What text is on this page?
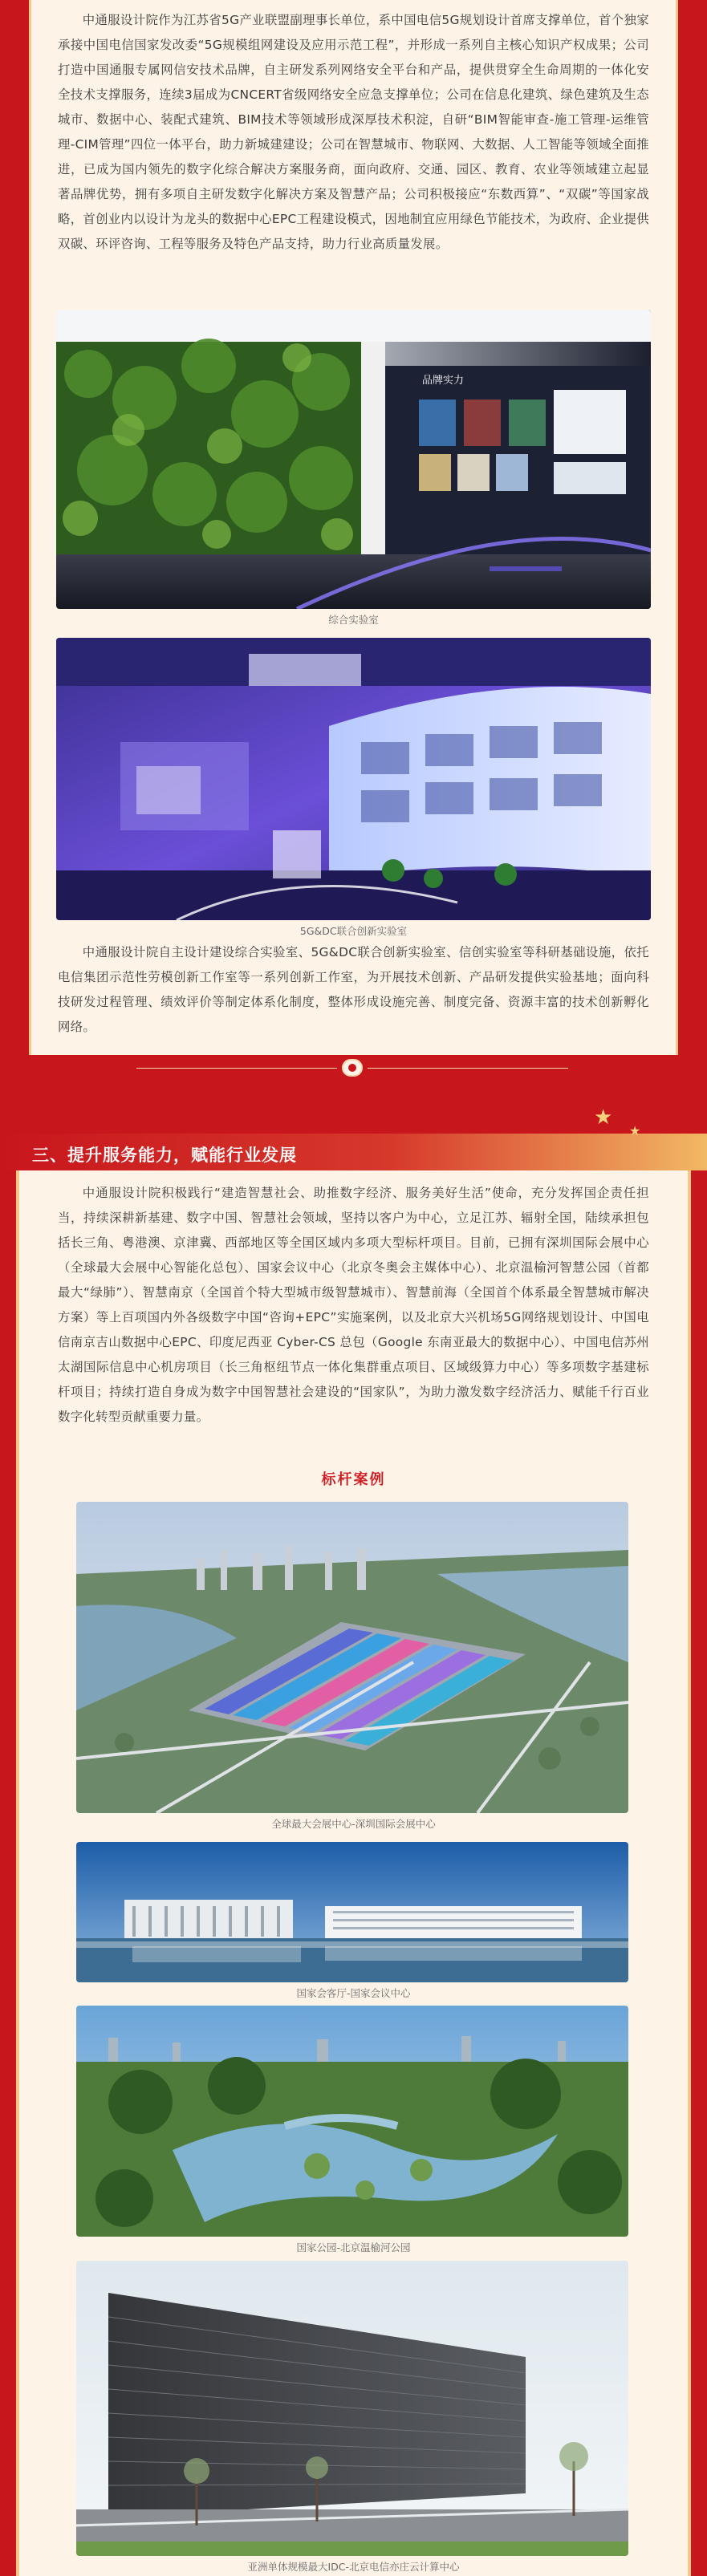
中通服设计院作为江苏省5G产业联盟副理事长单位，系中国电信5G规划设计首席支撑单位，首个独家承接中国电信国家发改委“5G规模组网建设及应用示范工程”，并形成一系列自主核心知识产权成果；公司打造中国通服专属网信安技术品牌，自主研发系列网络安全平台和产品，提供贯穿全生命周期的一体化安全技术支撑服务，连续3届成为CNCERT省级网络安全应急支撑单位；公司在信息化建筑、绿色建筑及生态城市、数据中心、装配式建筑、BIM技术等领域形成深厚技术积淀，自研“BIM智能审查-施工管理-运维管理-CIM管理”四位一体平台，助力新城建建设；公司在智慧城市、物联网、大数据、人工智能等领域全面推进，已成为国内领先的数字化综合解决方案服务商，面向政府、交通、园区、教育、农业等领域建立起显著品牌优势，拥有多项自主研发数字化解决方案及智慧产品；公司积极接应“东数西算”、“双碳”等国家战略，首创业内以设计为龙头的数据中心EPC工程建设模式，因地制宜应用绿色节能技术，为政府、企业提供双碳、环评咨询、工程等服务及特色产品支持，助力行业高质量发展。

品牌实力
综合实验室
5G&DC联合创新实验室

中通服设计院自主设计建设综合实验室、5G&DC联合创新实验室、信创实验室等科研基础设施，依托电信集团示范性劳模创新工作室等一系列创新工作室，为开展技术创新、产品研发提供实验基地；面向科技研发过程管理、绩效评价等制定体系化制度，整体形成设施完善、制度完备、资源丰富的技术创新孵化网络。

三、提升服务能力，赋能行业发展
★
★

中通服设计院积极践行“建造智慧社会、助推数字经济、服务美好生活”使命，充分发挥国企责任担当，持续深耕新基建、数字中国、智慧社会领域，坚持以客户为中心，立足江苏、辐射全国，陆续承担包括长三角、粤港澳、京津冀、西部地区等全国区域内多项大型标杆项目。目前，已拥有深圳国际会展中心（全球最大会展中心智能化总包）、国家会议中心（北京冬奥会主媒体中心）、北京温榆河智慧公园（首都最大“绿肺”）、智慧南京（全国首个特大型城市级智慧城市）、智慧前海（全国首个体系最全智慧城市解决方案）等上百项国内外各级数字中国“咨询+EPC”实施案例，以及北京大兴机场5G网络规划设计、中国电信南京吉山数据中心EPC、印度尼西亚 Cyber-CS 总包（Google 东南亚最大的数据中心）、中国电信苏州太湖国际信息中心机房项目（长三角枢纽节点一体化集群重点项目、区域级算力中心）等多项数字基建标杆项目；持续打造自身成为数字中国智慧社会建设的“国家队”，为助力激发数字经济活力、赋能千行百业数字化转型贡献重要力量。

标杆案例
全球最大会展中心-深圳国际会展中心
国家会客厅-国家会议中心
国家公园-北京温榆河公园
亚洲单体规模最大IDC-北京电信亦庄云计算中心
